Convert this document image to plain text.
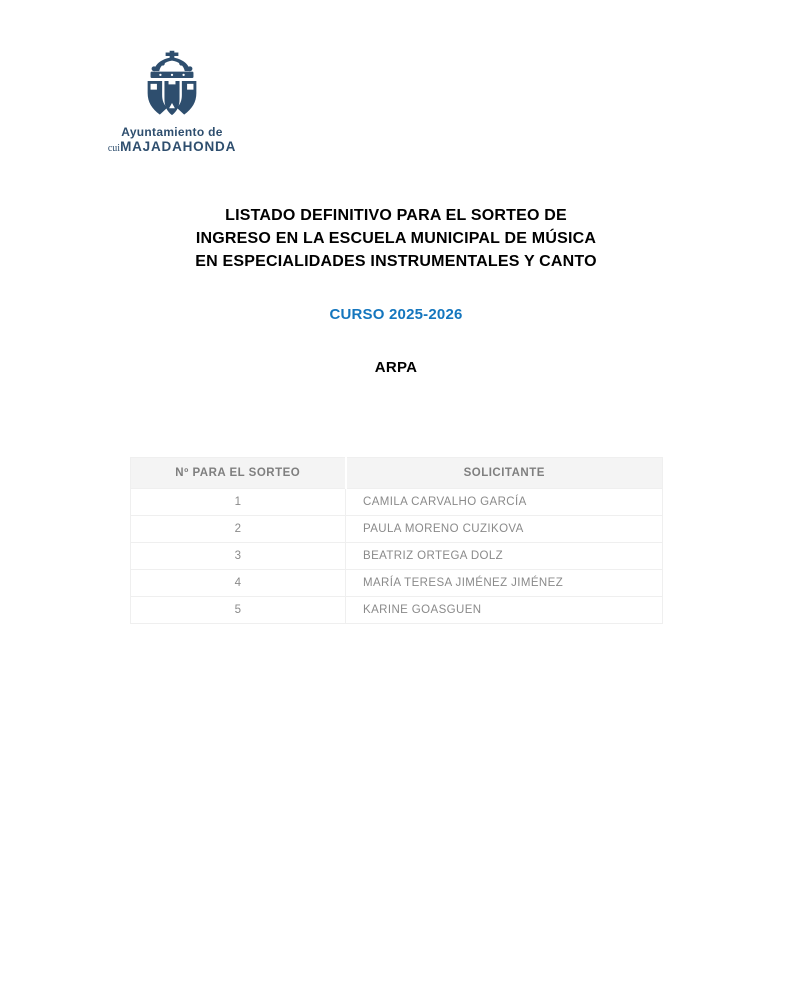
Ayuntamiento de
cuiMAJADAHONDA
LISTADO DEFINITIVO PARA EL SORTEO DE
INGRESO EN LA ESCUELA MUNICIPAL DE MÚSICA
EN ESPECIALIDADES INSTRUMENTALES Y CANTO
CURSO 2025-2026
ARPA
Nº PARA EL SORTEO	SOLICITANTE
1	CAMILA CARVALHO GARCÍA
2	PAULA MORENO CUZIKOVA
3	BEATRIZ ORTEGA DOLZ
4	MARÍA TERESA JIMÉNEZ JIMÉNEZ
5	KARINE GOASGUEN
